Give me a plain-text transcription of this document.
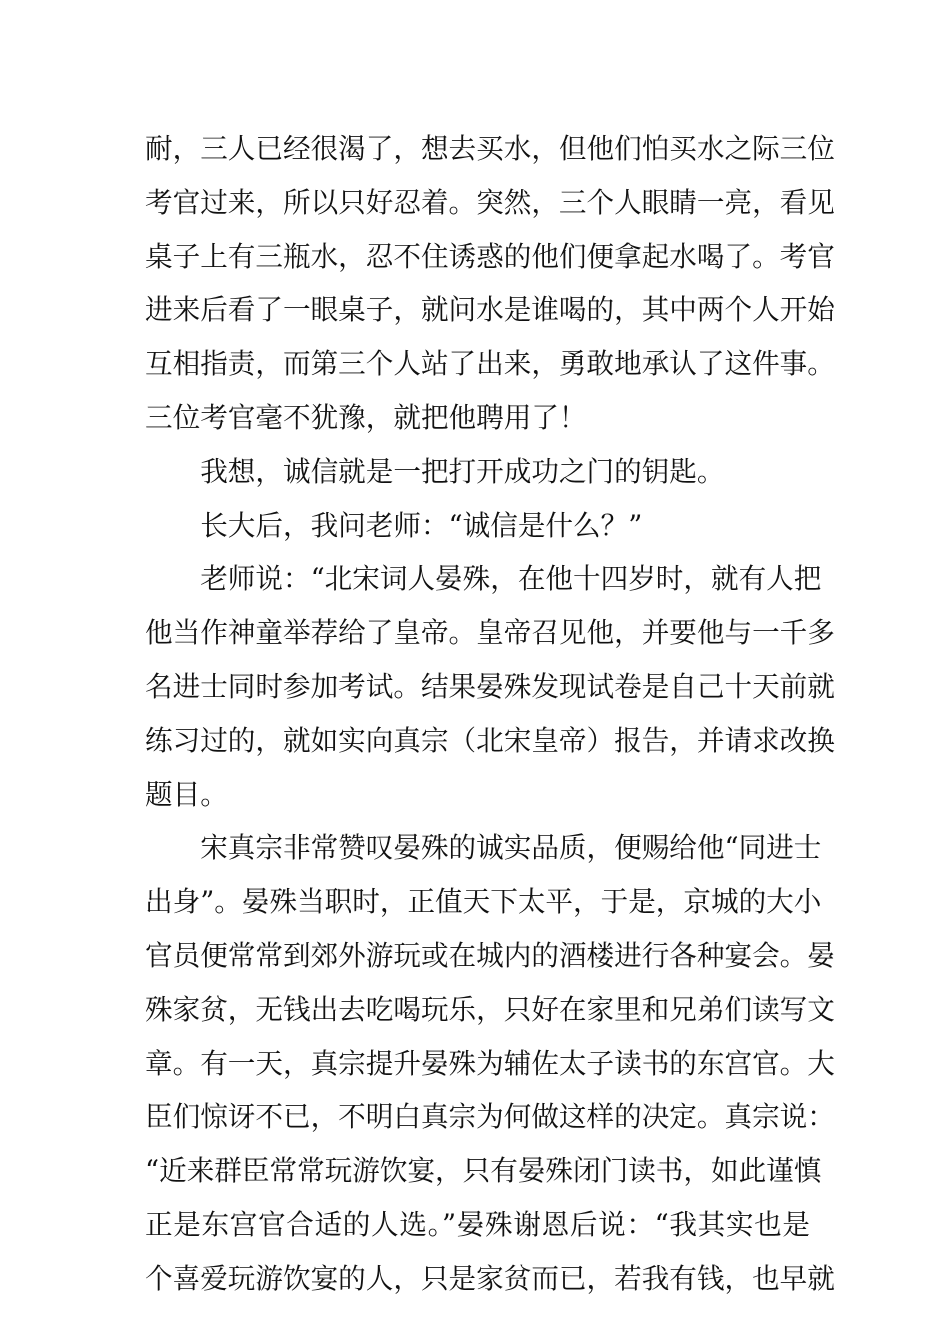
耐，三人已经很渴了，想去买水，但他们怕买水之际三位
考官过来，所以只好忍着。突然，三个人眼睛一亮，看见
桌子上有三瓶水，忍不住诱惑的他们便拿起水喝了。考官
进来后看了一眼桌子，就问水是谁喝的，其中两个人开始
互相指责，而第三个人站了出来，勇敢地承认了这件事。
三位考官毫不犹豫，就把他聘用了！
　　我想，诚信就是一把打开成功之门的钥匙。
　　长大后，我问老师：“诚信是什么？”
　　老师说：“北宋词人晏殊，在他十四岁时，就有人把
他当作神童举荐给了皇帝。皇帝召见他，并要他与一千多
名进士同时参加考试。结果晏殊发现试卷是自己十天前就
练习过的，就如实向真宗（北宋皇帝）报告，并请求改换
题目。
　　宋真宗非常赞叹晏殊的诚实品质，便赐给他“同进士
出身”。晏殊当职时，正值天下太平，于是，京城的大小
官员便常常到郊外游玩或在城内的酒楼进行各种宴会。晏
殊家贫，无钱出去吃喝玩乐，只好在家里和兄弟们读写文
章。有一天，真宗提升晏殊为辅佐太子读书的东宫官。大
臣们惊讶不已，不明白真宗为何做这样的决定。真宗说：
“近来群臣常常玩游饮宴，只有晏殊闭门读书，如此谨慎
正是东宫官合适的人选。”晏殊谢恩后说：“我其实也是
个喜爱玩游饮宴的人，只是家贫而已，若我有钱，也早就
